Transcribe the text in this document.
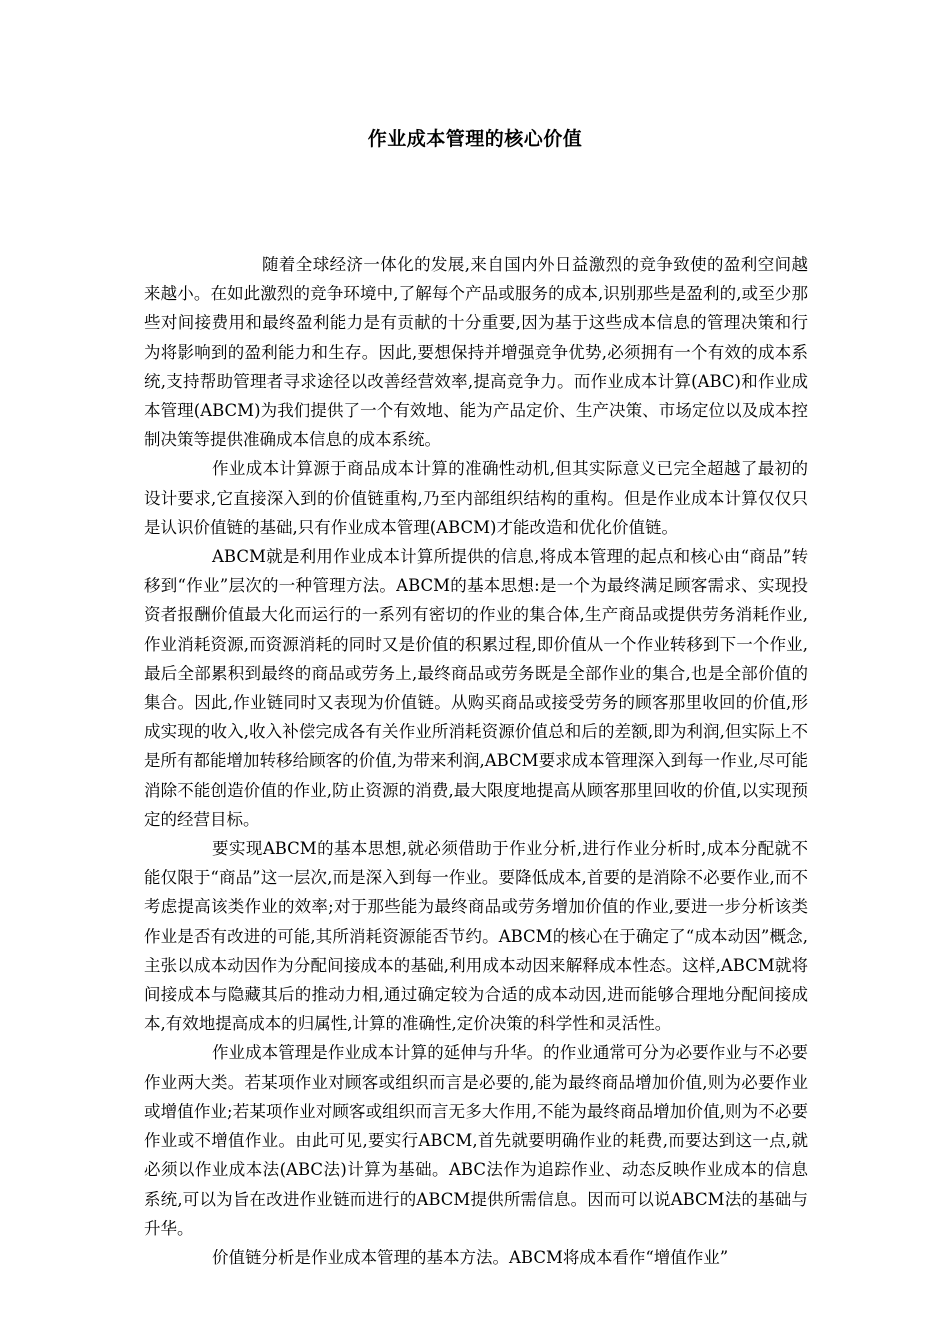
作业成本管理的核心价值

随着全球经济一体化的发展,来自国内外日益激烈的竞争致使的盈利空间越来越小。在如此激烈的竞争环境中,了解每个产品或服务的成本,识别那些是盈利的,或至少那些对间接费用和最终盈利能力是有贡献的十分重要,因为基于这些成本信息的管理决策和行为将影响到的盈利能力和生存。因此,要想保持并增强竞争优势,必须拥有一个有效的成本系统,支持帮助管理者寻求途径以改善经营效率,提高竞争力。而作业成本计算(ABC)和作业成本管理(ABCM)为我们提供了一个有效地、能为产品定价、生产决策、市场定位以及成本控制决策等提供准确成本信息的成本系统。

作业成本计算源于商品成本计算的准确性动机,但其实际意义已完全超越了最初的设计要求,它直接深入到的价值链重构,乃至内部组织结构的重构。但是作业成本计算仅仅只是认识价值链的基础,只有作业成本管理(ABCM)才能改造和优化价值链。

ABCM就是利用作业成本计算所提供的信息,将成本管理的起点和核心由“商品”转移到“作业”层次的一种管理方法。ABCM的基本思想:是一个为最终满足顾客需求、实现投资者报酬价值最大化而运行的一系列有密切的作业的集合体,生产商品或提供劳务消耗作业,作业消耗资源,而资源消耗的同时又是价值的积累过程,即价值从一个作业转移到下一个作业,最后全部累积到最终的商品或劳务上,最终商品或劳务既是全部作业的集合,也是全部价值的集合。因此,作业链同时又表现为价值链。从购买商品或接受劳务的顾客那里收回的价值,形成实现的收入,收入补偿完成各有关作业所消耗资源价值总和后的差额,即为利润,但实际上不是所有都能增加转移给顾客的价值,为带来利润,ABCM要求成本管理深入到每一作业,尽可能消除不能创造价值的作业,防止资源的消费,最大限度地提高从顾客那里回收的价值,以实现预定的经营目标。

要实现ABCM的基本思想,就必须借助于作业分析,进行作业分析时,成本分配就不能仅限于“商品”这一层次,而是深入到每一作业。要降低成本,首要的是消除不必要作业,而不考虑提高该类作业的效率;对于那些能为最终商品或劳务增加价值的作业,要进一步分析该类作业是否有改进的可能,其所消耗资源能否节约。ABCM的核心在于确定了“成本动因”概念,主张以成本动因作为分配间接成本的基础,利用成本动因来解释成本性态。这样,ABCM就将间接成本与隐藏其后的推动力相,通过确定较为合适的成本动因,进而能够合理地分配间接成本,有效地提高成本的归属性,计算的准确性,定价决策的科学性和灵活性。

作业成本管理是作业成本计算的延伸与升华。的作业通常可分为必要作业与不必要作业两大类。若某项作业对顾客或组织而言是必要的,能为最终商品增加价值,则为必要作业或增值作业;若某项作业对顾客或组织而言无多大作用,不能为最终商品增加价值,则为不必要作业或不增值作业。由此可见,要实行ABCM,首先就要明确作业的耗费,而要达到这一点,就必须以作业成本法(ABC法)计算为基础。ABC法作为追踪作业、动态反映作业成本的信息系统,可以为旨在改进作业链而进行的ABCM提供所需信息。因而可以说ABCM法的基础与升华。

价值链分析是作业成本管理的基本方法。ABCM将成本看作“增值作业”
